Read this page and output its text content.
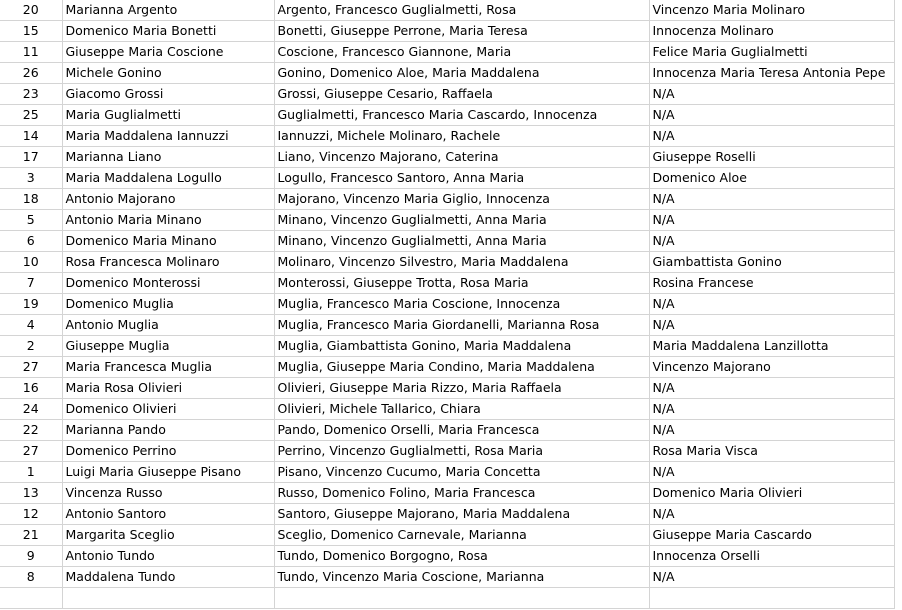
20	Marianna Argento	Argento, Francesco Guglialmetti, Rosa	Vincenzo Maria Molinaro
15	Domenico Maria Bonetti	Bonetti, Giuseppe Perrone, Maria Teresa	Innocenza Molinaro
11	Giuseppe Maria Coscione	Coscione, Francesco Giannone, Maria	Felice Maria Guglialmetti
26	Michele Gonino	Gonino, Domenico Aloe, Maria Maddalena	Innocenza Maria Teresa Antonia Pepe
23	Giacomo Grossi	Grossi, Giuseppe Cesario, Raffaela	N/A
25	Maria Guglialmetti	Guglialmetti, Francesco Maria Cascardo, Innocenza	N/A
14	Maria Maddalena Iannuzzi	Iannuzzi, Michele Molinaro, Rachele	N/A
17	Marianna Liano	Liano, Vincenzo Majorano, Caterina	Giuseppe Roselli
3	Maria Maddalena Logullo	Logullo, Francesco Santoro, Anna Maria	Domenico Aloe
18	Antonio Majorano	Majorano, Vincenzo Maria Giglio, Innocenza	N/A
5	Antonio Maria Minano	Minano, Vincenzo Guglialmetti, Anna Maria	N/A
6	Domenico Maria Minano	Minano, Vincenzo Guglialmetti, Anna Maria	N/A
10	Rosa Francesca Molinaro	Molinaro, Vincenzo Silvestro, Maria Maddalena	Giambattista Gonino
7	Domenico Monterossi	Monterossi, Giuseppe Trotta, Rosa Maria	Rosina Francese
19	Domenico Muglia	Muglia, Francesco Maria Coscione, Innocenza	N/A
4	Antonio Muglia	Muglia, Francesco Maria Giordanelli, Marianna Rosa	N/A
2	Giuseppe Muglia	Muglia, Giambattista Gonino, Maria Maddalena	Maria Maddalena Lanzillotta
27	Maria Francesca Muglia	Muglia, Giuseppe Maria Condino, Maria Maddalena	Vincenzo Majorano
16	Maria Rosa Olivieri	Olivieri, Giuseppe Maria Rizzo, Maria Raffaela	N/A
24	Domenico Olivieri	Olivieri, Michele Tallarico, Chiara	N/A
22	Marianna Pando	Pando, Domenico Orselli, Maria Francesca	N/A
27	Domenico Perrino	Perrino, Vincenzo Guglialmetti, Rosa Maria	Rosa Maria Visca
1	Luigi Maria Giuseppe Pisano	Pisano, Vincenzo Cucumo, Maria Concetta	N/A
13	Vincenza Russo	Russo, Domenico Folino, Maria Francesca	Domenico Maria Olivieri
12	Antonio Santoro	Santoro, Giuseppe Majorano, Maria Maddalena	N/A
21	Margarita Sceglio	Sceglio, Domenico Carnevale, Marianna	Giuseppe Maria Cascardo
9	Antonio Tundo	Tundo, Domenico Borgogno, Rosa	Innocenza Orselli
8	Maddalena Tundo	Tundo, Vincenzo Maria Coscione, Marianna	N/A
